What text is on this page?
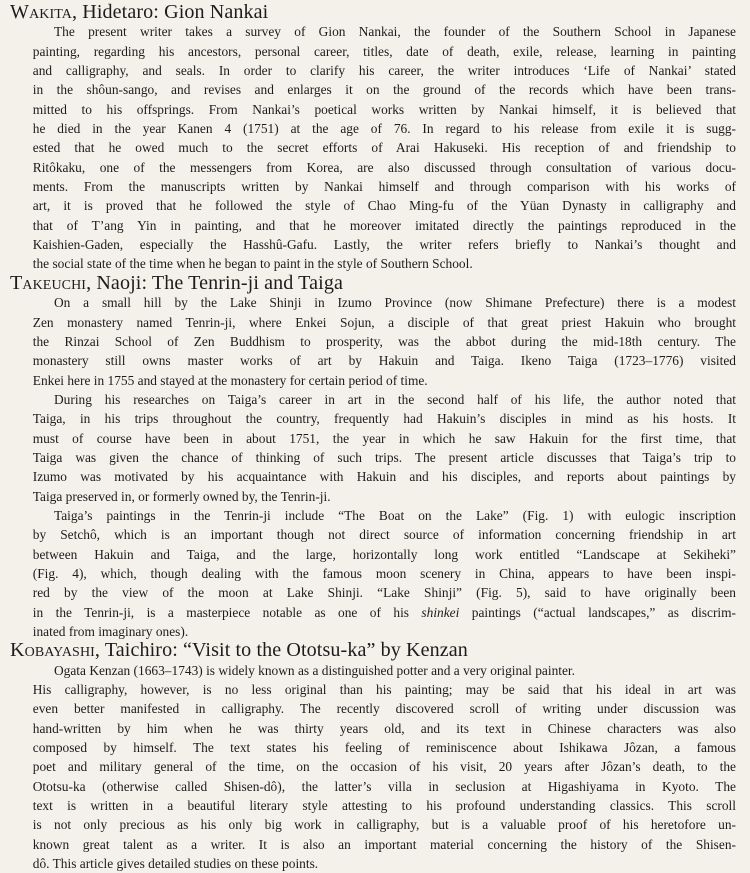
Wakita, Hidetaro: Gion Nankai

The present writer takes a survey of Gion Nankai, the founder of the Southern School in Japanese
painting, regarding his ancestors, personal career, titles, date of death, exile, release, learning in painting
and calligraphy, and seals. In order to clarify his career, the writer introduces ‘Life of Nankai’ stated
in the shôun-sango, and revises and enlarges it on the ground of the records which have been trans-
mitted to his offsprings. From Nankai’s poetical works written by Nankai himself, it is believed that
he died in the year Kanen 4 (1751) at the age of 76. In regard to his release from exile it is sugg-
ested that he owed much to the secret efforts of Arai Hakuseki. His reception of and friendship to
Ritôkaku, one of the messengers from Korea, are also discussed through consultation of various docu-
ments. From the manuscripts written by Nankai himself and through comparison with his works of
art, it is proved that he followed the style of Chao Ming-fu of the Yüan Dynasty in calligraphy and
that of T’ang Yin in painting, and that he moreover imitated directly the paintings reproduced in the
Kaishien-Gaden, especially the Hasshû-Gafu. Lastly, the writer refers briefly to Nankai’s thought and
the social state of the time when he began to paint in the style of Southern School.

Takeuchi, Naoji: The Tenrin-ji and Taiga

On a small hill by the Lake Shinji in Izumo Province (now Shimane Prefecture) there is a modest
Zen monastery named Tenrin-ji, where Enkei Sojun, a disciple of that great priest Hakuin who brought
the Rinzai School of Zen Buddhism to prosperity, was the abbot during the mid-18th century. The
monastery still owns master works of art by Hakuin and Taiga. Ikeno Taiga (1723–1776) visited
Enkei here in 1755 and stayed at the monastery for certain period of time.

During his researches on Taiga’s career in art in the second half of his life, the author noted that
Taiga, in his trips throughout the country, frequently had Hakuin’s disciples in mind as his hosts. It
must of course have been in about 1751, the year in which he saw Hakuin for the first time, that
Taiga was given the chance of thinking of such trips. The present article discusses that Taiga’s trip to
Izumo was motivated by his acquaintance with Hakuin and his disciples, and reports about paintings by
Taiga preserved in, or formerly owned by, the Tenrin-ji.

Taiga’s paintings in the Tenrin-ji include “The Boat on the Lake” (Fig. 1) with eulogic inscription
by Setchô, which is an important though not direct source of information concerning friendship in art
between Hakuin and Taiga, and the large, horizontally long work entitled “Landscape at Sekiheki”
(Fig. 4), which, though dealing with the famous moon scenery in China, appears to have been inspi-
red by the view of the moon at Lake Shinji. “Lake Shinji” (Fig. 5), said to have originally been
in the Tenrin-ji, is a masterpiece notable as one of his shinkei paintings (“actual landscapes,” as discrim-
inated from imaginary ones).

Kobayashi, Taichiro: “Visit to the Ototsu-ka” by Kenzan

Ogata Kenzan (1663–1743) is widely known as a distinguished potter and a very original painter.
His calligraphy, however, is no less original than his painting; may be said that his ideal in art was
even better manifested in calligraphy. The recently discovered scroll of writing under discussion was
hand-written by him when he was thirty years old, and its text in Chinese characters was also
composed by himself. The text states his feeling of reminiscence about Ishikawa Jôzan, a famous
poet and military general of the time, on the occasion of his visit, 20 years after Jôzan’s death, to the
Ototsu-ka (otherwise called Shisen-dô), the latter’s villa in seclusion at Higashiyama in Kyoto. The
text is written in a beautiful literary style attesting to his profound understanding classics. This scroll
is not only precious as his only big work in calligraphy, but is a valuable proof of his heretofore un-
known great talent as a writer. It is also an important material concerning the history of the Shisen-
dô. This article gives detailed studies on these points.
